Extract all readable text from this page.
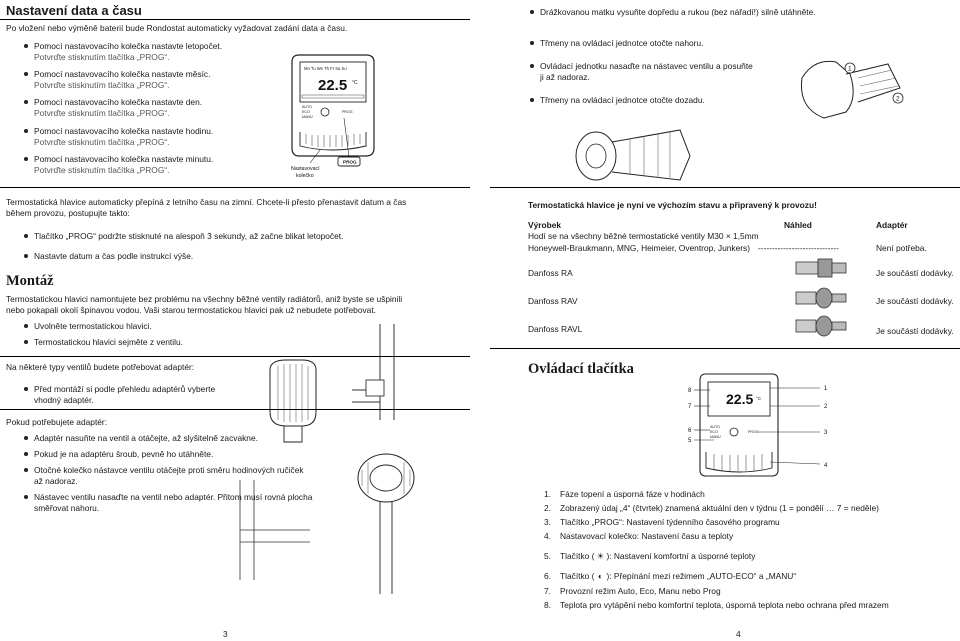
Nastavení data a času
Po vložení nebo výměně baterií bude Rondostat automaticky vyžadovat zadání data a času.
Pomocí nastavovacího kolečka nastavte letopočet.
Potvrďte stisknutím tlačítka „PROG“.
Pomocí nastavovacího kolečka nastavte měsíc.
Potvrďte stisknutím tlačítka „PROG“.
Pomocí nastavovacího kolečka nastavte den.
Potvrďte stisknutím tlačítka „PROG“.
Pomocí nastavovacího kolečka nastavte hodinu.
Potvrďte stisknutím tlačítka „PROG“.
Pomocí nastavovacího kolečka nastavte minutu.
Potvrďte stisknutím tlačítka „PROG“.
Mo Tu We Th Fr Sa Su
22.5 °C
AUTO
ECO
MANU
PROG
PROG
Nastavovací
kolečko
Termostatická hlavice automaticky přepíná z letního času na zimní. Chcete-li přesto přenastavit datum a čas
během provozu, postupujte takto:
Tlačítko „PROG“ podržte stisknuté na alespoň 3 sekundy, až začne blikat letopočet.
Nastavte datum a čas podle instrukcí výše.
Montáž
Termostatickou hlavici namontujete bez problému na všechny běžné ventily radiátorů, aniž byste se ušpinili
nebo pokapali okolí špinavou vodou. Vaši starou termostatickou hlavici pak už nebudete potřebovat.
Uvolněte termostatickou hlavici.
Termostatickou hlavici sejměte z ventilu.
Na některé typy ventilů budete potřebovat adaptér:
Před montáží si podle přehledu adaptérů vyberte
vhodný adaptér.
Pokud potřebujete adaptér:
Adaptér nasuňte na ventil a otáčejte, až slyšitelně zacvakne.
Pokud je na adaptéru šroub, pevně ho utáhněte.
Otočné kolečko nástavce ventilu otáčejte proti směru hodinových ručiček
až nadoraz.
Nástavec ventilu nasaďte na ventil nebo adaptér. Přitom musí rovná plocha
směřovat nahoru.
3
Drážkovanou matku vysuňte dopředu a rukou (bez nářadí!) silně utáhněte.
Třmeny na ovládací jednotce otočte nahoru.
Ovládací jednotku nasaďte na nástavec ventilu a posuňte
ji až nadoraz.
Třmeny na ovládací jednotce otočte dozadu.
1
2
Termostatická hlavice je nyní ve výchozím stavu a připravený k provozu!
Výrobek	Náhled	Adaptér
Hodí se na všechny běžné termostatické ventily M30 × 1,5mm
Honeywell-Braukmann, MNG, Heimeier, Oventrop, Junkers) -----------------------------	Není potřeba.
Danfoss RA	Je součástí dodávky.
Danfoss RAV	Je součástí dodávky.
Danfoss RAVL	Je součástí dodávky.
Ovládací tlačítka
22.5 °C
AUTO
ECO
MANU
PROG
8
7
6
5
1
2
3
4
1. Fáze topení a úsporná fáze v hodinách
2. Zobrazený údaj „4“ (čtvrtek) znamená aktuální den v týdnu (1 = pondělí … 7 = neděle)
3. Tlačítko „PROG“: Nastavení týdenního časového programu
4. Nastavovací kolečko: Nastavení času a teploty
5. Tlačítko ( ☀ ): Nastavení komfortní a úsporné teploty
6. Tlačítko ( ◐ ): Přepínání mezi režimem „AUTO-ECO“ a „MANU“
7. Provozní režim Auto, Eco, Manu nebo Prog
8. Teplota pro vytápění nebo komfortní teplota, úsporná teplota nebo ochrana před mrazem
4
